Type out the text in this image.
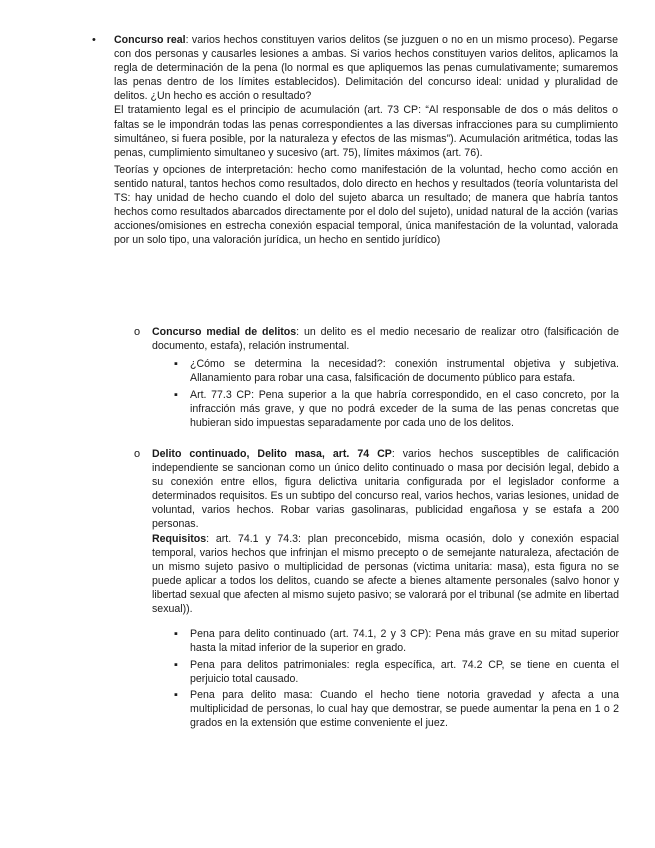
• Concurso real: varios hechos constituyen varios delitos (se juzguen o no en un mismo proceso). Pegarse con dos personas y causarles lesiones a ambas. Si varios hechos constituyen varios delitos, aplicamos la regla de determinación de la pena (lo normal es que apliquemos las penas cumulativamente; sumaremos las penas dentro de los límites establecidos). Delimitación del concurso ideal: unidad y pluralidad de delitos. ¿Un hecho es acción o resultado?

El tratamiento legal es el principio de acumulación (art. 73 CP: “Al responsable de dos o más delitos o faltas se le impondrán todas las penas correspondientes a las diversas infracciones para su cumplimiento simultáneo, si fuera posible, por la naturaleza y efectos de las mismas”). Acumulación aritmética, todas las penas, cumplimiento simultaneo y sucesivo (art. 75), límites máximos (art. 76).

Teorías y opciones de interpretación: hecho como manifestación de la voluntad, hecho como acción en sentido natural, tantos hechos como resultados, dolo directo en hechos y resultados (teoría voluntarista del TS: hay unidad de hecho cuando el dolo del sujeto abarca un resultado; de manera que habría tantos hechos como resultados abarcados directamente por el dolo del sujeto), unidad natural de la acción (varias acciones/omisiones en estrecha conexión espacial temporal, única manifestación de la voluntad, valorada por un solo tipo, una valoración jurídica, un hecho en sentido jurídico)

o Concurso medial de delitos: un delito es el medio necesario de realizar otro (falsificación de documento, estafa), relación instrumental.

▪ ¿Cómo se determina la necesidad?: conexión instrumental objetiva y subjetiva. Allanamiento para robar una casa, falsificación de documento público para estafa.

▪ Art. 77.3 CP: Pena superior a la que habría correspondido, en el caso concreto, por la infracción más grave, y que no podrá exceder de la suma de las penas concretas que hubieran sido impuestas separadamente por cada uno de los delitos.

o Delito continuado, Delito masa, art. 74 CP: varios hechos susceptibles de calificación independiente se sancionan como un único delito continuado o masa por decisión legal, debido a su conexión entre ellos, figura delictiva unitaria configurada por el legislador conforme a determinados requisitos. Es un subtipo del concurso real, varios hechos, varias lesiones, unidad de voluntad, varios hechos. Robar varias gasolinaras, publicidad engañosa y se estafa a 200 personas.

Requisitos: art. 74.1 y 74.3: plan preconcebido, misma ocasión, dolo y conexión espacial temporal, varios hechos que infrinjan el mismo precepto o de semejante naturaleza, afectación de un mismo sujeto pasivo o multiplicidad de personas (victima unitaria: masa), esta figura no se puede aplicar a todos los delitos, cuando se afecte a bienes altamente personales (salvo honor y libertad sexual que afecten al mismo sujeto pasivo; se valorará por el tribunal (se admite en libertad sexual)).

▪ Pena para delito continuado (art. 74.1, 2 y 3 CP): Pena más grave en su mitad superior hasta la mitad inferior de la superior en grado.

▪ Pena para delitos patrimoniales: regla específica, art. 74.2 CP, se tiene en cuenta el perjuicio total causado.

▪ Pena para delito masa: Cuando el hecho tiene notoria gravedad y afecta a una multiplicidad de personas, lo cual hay que demostrar, se puede aumentar la pena en 1 o 2 grados en la extensión que estime conveniente el juez.
